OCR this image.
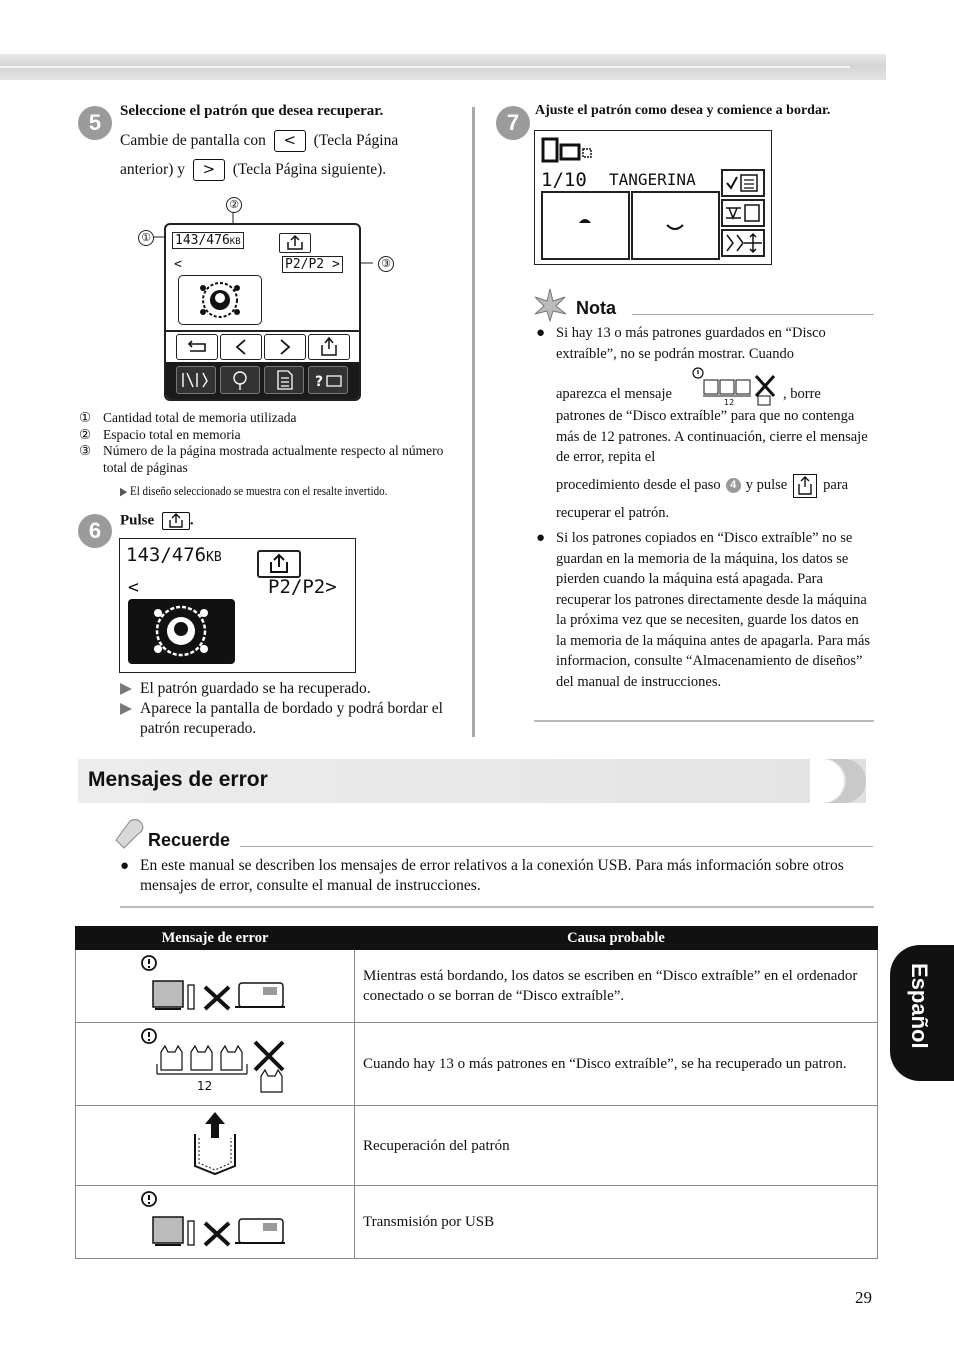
5	Seleccione el patrón que desea recuperar.
Cambie de pantalla con < (Tecla Página
anterior) y > (Tecla Página siguiente).
①
②
③
143/476KB
<	P2/P2 >
?
① Cantidad total de memoria utilizada
② Espacio total en memoria
③ Número de la página mostrada actualmente respecto al número total de páginas
▶ El diseño seleccionado se muestra con el resalte invertido.
6	Pulse .
143/476KB
<	P2/P2>
▶ El patrón guardado se ha recuperado.
▶ Aparece la pantalla de bordado y podrá bordar el patrón recuperado.
7	Ajuste el patrón como desea y comience a bordar.
1/10 TANGERINA
Nota
● Si hay 13 o más patrones guardados en “Disco extraíble”, no se podrán mostrar. Cuando
aparezca el mensaje
12
, borre
patrones de “Disco extraíble” para que no contenga más de 12 patrones. A continuación, cierre el mensaje de error, repita el
procedimiento desde el paso 4 y pulse para
recuperar el patrón.
● Si los patrones copiados en “Disco extraíble” no se guardan en la memoria de la máquina, los datos se pierden cuando la máquina está apagada. Para recuperar los patrones directamente desde la máquina la próxima vez que se necesiten, guarde los datos en la memoria de la máquina antes de apagarla. Para más informacion, consulte “Almacenamiento de diseños” del manual de instrucciones.
Mensajes de error
Recuerde
● En este manual se describen los mensajes de error relativos a la conexión USB. Para más información sobre otros mensajes de error, consulte el manual de instrucciones.
Mensaje de error	Causa probable
	Mientras está bordando, los datos se escriben en “Disco extraíble” en el ordenador conectado o se borran de “Disco extraíble”.

12	Cuando hay 13 o más patrones en “Disco extraíble”, se ha recuperado un patron.
	Recuperación del patrón
	Transmisión por USB
Español
29
